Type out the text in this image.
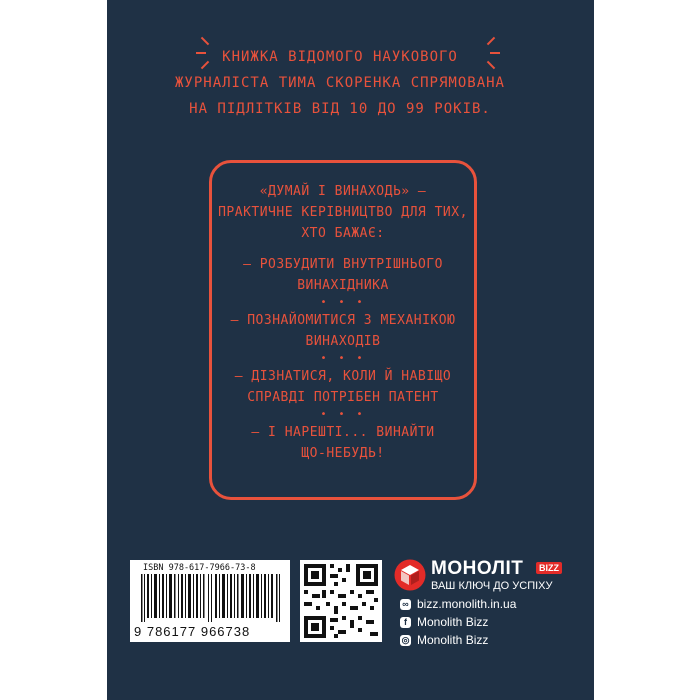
КНИЖКА ВІДОМОГО НАУКОВОГО
ЖУРНАЛІСТА ТИМА СКОРЕНКА СПРЯМОВАНА
НА ПІДЛІТКІВ ВІД 10 ДО 99 РОКІВ.
«ДУМАЙ І ВИНАХОДЬ» —
ПРАКТИЧНЕ КЕРІВНИЦТВО ДЛЯ ТИХ,
ХТО БАЖАЄ:
– РОЗБУДИТИ ВНУТРІШНЬОГО
ВИНАХІДНИКА
• • •
– ПОЗНАЙОМИТИСЯ З МЕХАНІКОЮ
ВИНАХОДІВ
• • •
– ДІЗНАТИСЯ, КОЛИ Й НАВІЩО
СПРАВДІ ПОТРІБЕН ПАТЕНТ
• • •
– І НАРЕШТІ... ВИНАЙТИ
ЩО-НЕБУДЬ!
ISBN 978-617-7966-73-8
9 786177 966738
МОНОЛІТ	BIZZ
ВАШ КЛЮЧ ДО УСПІХУ
∞ bizz.monolith.in.ua
f Monolith Bizz
◎ Monolith Bizz
